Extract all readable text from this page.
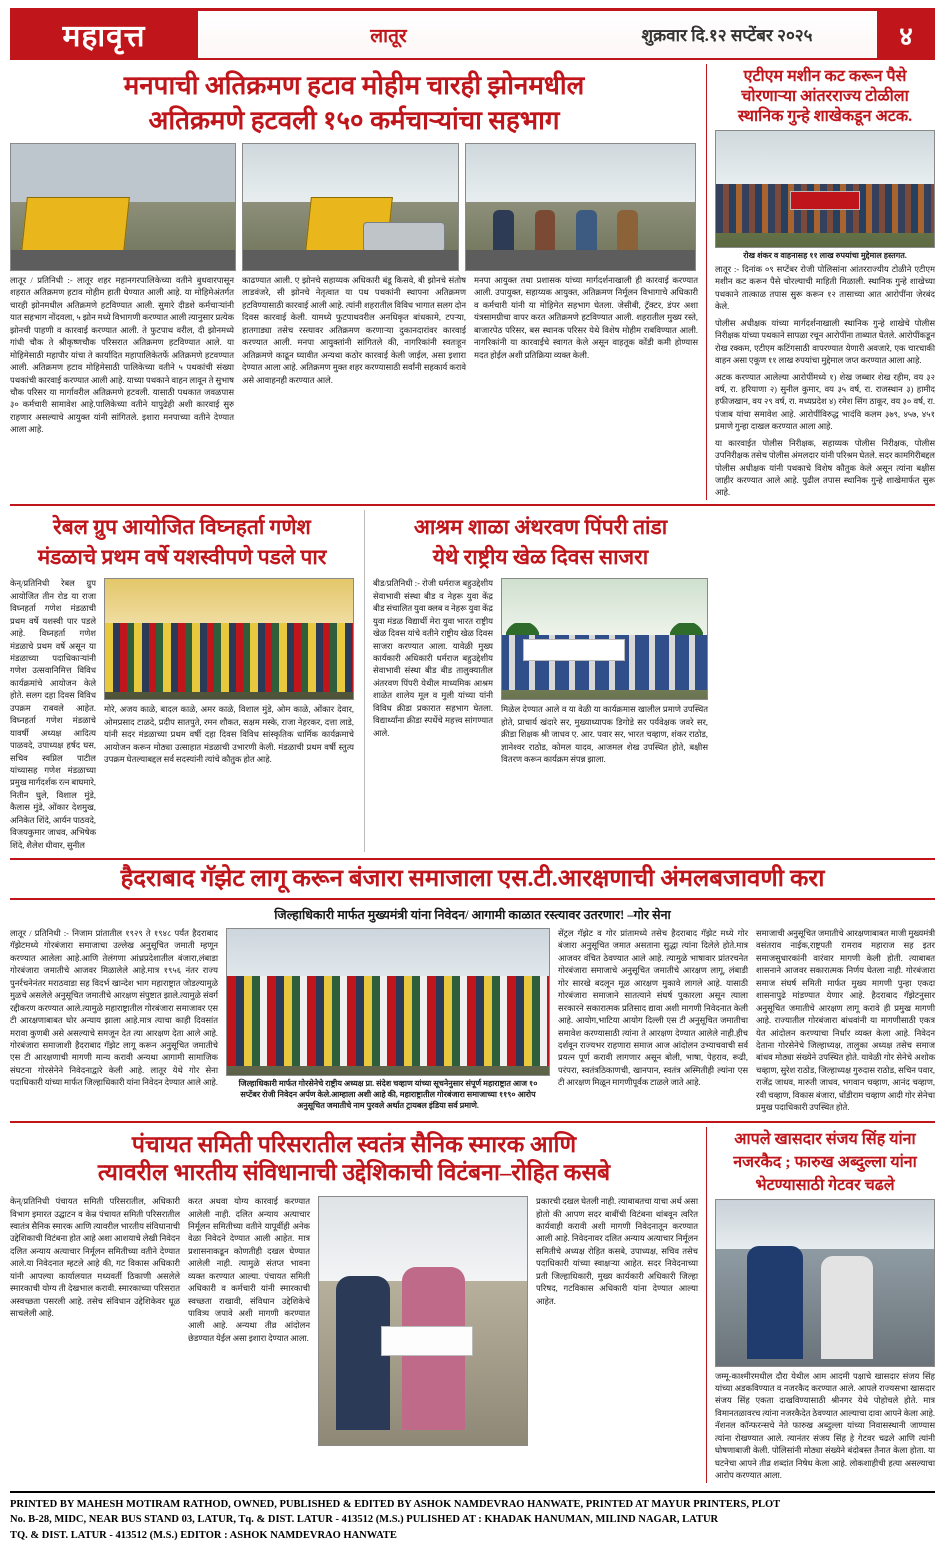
महावृत्त	लातूर	शुक्रवार दि.१२ सप्टेंबर २०२५	४
मनपाची अतिक्रमण हटाव मोहीम चारही झोनमधील
अतिक्रमणे हटवली १५० कर्मचाऱ्यांचा सहभाग
लातूर / प्रतिनिधी :- लातूर शहर महानगरपालिकेच्या वतीने बुधवारपासून शहरात अतिक्रमण हटाव मोहीम हाती घेण्यात आली आहे. या मोहिमेअंतर्गत चारही झोनमधील अतिक्रमणे हटविण्यात आली. सुमारे दीडशे कर्मचाऱ्यांनी यात सहभाग नोंदवला, ५ झोन मध्ये विभागणी करण्यात आली त्यानुसार प्रत्येक झोनची पाहणी व कारवाई करण्यात आली. ते फुटपाथ वरील, दी झोनमध्ये गांधी चौक ते श्रीकृष्णचौक परिसरात अतिक्रमण हटविण्यात आले. या मोहिमेसाठी महापौर यांचा ते कार्यादित महापालिकेतर्फे अतिक्रमणे हटवण्यात आली. अतिक्रमण हटाव मोहिमेसाठी पालिकेच्या वतीने ५ पथकांची संख्या पथकांची कारवाई करण्यात आली आहे. याच्या पथकाने वाहन लावून ते सुभाष चौक परिसर या मार्गावरील अतिक्रमणे हटवली. यासाठी पथकात जवळपास ३० कर्मचारी सामावेश आहे.पालिकेच्या वतीने यापुढेही अशी कारवाई सुरु राहणार असल्याचे आयुक्त यांनी सांगितले. इशारा मनपाच्या वतीने देण्यात आला आहे.
काढण्यात आली. ए झोनचे सहाय्यक अधिकारी बंडू किसवे, बी झोनचे संतोष लाडवंजरे, सी झोनचे नेतृत्वात या पथ पथकांनी स्थापना अतिक्रमण हटविण्यासाठी कारवाई आली आहे. त्यांनी शहरातील विविध भागात सलग दोन दिवस कारवाई केली. यामध्ये फुटपाथवरील अनधिकृत बांधकामे, टपऱ्या, हातगाड्या तसेच रस्त्यावर अतिक्रमण करणाऱ्या दुकानदारांवर कारवाई करण्यात आली. मनपा आयुक्तांनी सांगितले की, नागरिकांनी स्वतःहून अतिक्रमणे काढून घ्यावीत अन्यथा कठोर कारवाई केली जाईल, असा इशारा देण्यात आला आहे. अतिक्रमण मुक्त शहर करण्यासाठी सर्वांनी सहकार्य करावे असे आवाहनही करण्यात आले.
मनपा आयुक्त तथा प्रशासक यांच्या मार्गदर्शनाखाली ही कारवाई करण्यात आली. उपायुक्त, सहाय्यक आयुक्त, अतिक्रमण निर्मूलन विभागाचे अधिकारी व कर्मचारी यांनी या मोहिमेत सहभाग घेतला. जेसीबी, ट्रॅक्टर, डंपर अशा यंत्रसामग्रीचा वापर करत अतिक्रमणे हटविण्यात आली. शहरातील मुख्य रस्ते, बाजारपेठ परिसर, बस स्थानक परिसर येथे विशेष मोहीम राबविण्यात आली. नागरिकांनी या कारवाईचे स्वागत केले असून वाहतूक कोंडी कमी होण्यास मदत होईल अशी प्रतिक्रिया व्यक्त केली.
एटीएम मशीन कट करून पैसे चोरणाऱ्या आंतरराज्य टोळीला स्थानिक गुन्हे शाखेकडून अटक.
रोख शंकर व वाहनासह ११ लाख रुपयांचा मुद्देमाल हस्तगत.
लातूर :- दिनांक ०९ सप्टेंबर रोजी पोलिसांना आंतरराज्यीय टोळीने एटीएम मशीन कट करून पैसे चोरल्याची माहिती मिळाली. स्थानिक गुन्हे शाखेच्या पथकाने तात्काळ तपास सुरू करून १२ तासाच्या आत आरोपींना जेरबंद केले.
पोलीस अधीक्षक यांच्या मार्गदर्शनाखाली स्थानिक गुन्हे शाखेचे पोलीस निरीक्षक यांच्या पथकाने सापळा रचून आरोपींना ताब्यात घेतले. आरोपींकडून रोख रक्कम, एटीएम कटिंगसाठी वापरण्यात येणारी अवजारे, एक चारचाकी वाहन असा एकूण ११ लाख रुपयांचा मुद्देमाल जप्त करण्यात आला आहे.
अटक करण्यात आलेल्या आरोपींमध्ये १) शेख जब्बार शेख रहीम, वय ३२ वर्ष, रा. हरियाणा २) सुनील कुमार, वय ३५ वर्ष, रा. राजस्थान ३) हामीद हफीजखान, वय २९ वर्ष, रा. मध्यप्रदेश ४) रमेश सिंग ठाकूर, वय ३० वर्ष, रा. पंजाब यांचा समावेश आहे. आरोपींविरुद्ध भादंवि कलम ३७९, ४५७, ४५१ प्रमाणे गुन्हा दाखल करण्यात आला आहे.
या कारवाईत पोलीस निरीक्षक, सहाय्यक पोलीस निरीक्षक, पोलीस उपनिरीक्षक तसेच पोलीस अंमलदार यांनी परिश्रम घेतले. सदर कामगिरीबद्दल पोलीस अधीक्षक यांनी पथकाचे विशेष कौतुक केले असून त्यांना बक्षीस जाहीर करण्यात आले आहे. पुढील तपास स्थानिक गुन्हे शाखेमार्फत सुरू आहे.
रेबल ग्रुप आयोजित विघ्नहर्ता गणेश
मंडळाचे प्रथम वर्षे यशस्वीपणे पडले पार
केन्/प्रतिनिधी रेबल ग्रुप आयोजित तीन रोड या राजा विघ्नहर्ता गणेश मंडळाची प्रथम वर्षे यशस्वी पार पडले आहे. विघ्नहर्ता गणेश मंडळाचे प्रथम वर्षे असून या मंडळाच्या पदाधिकाऱ्यांनी गणेश उत्सवानिमित्त विविध कार्यक्रमांचे आयोजन केले होते. सलग दहा दिवस विविध उपक्रम राबवले आहेत. विघ्नहर्ता गणेश मंडळाचे यावर्षी अध्यक्ष आदित्य पाळवदे, उपाध्यक्ष हर्षद घस, सचिव स्वप्निल पाटील यांच्यासह गणेश मंडळाच्या प्रमुख मार्गदर्शक रत्न बाघमारे, नितीन घुले, विशाल मुंडे, कैलास मुंडे, ओंकार देशमुख, अनिकेत शिंदे, आर्यन पाठवदे, विजयकुमार जाधव, अभिषेक शिंदे, शैलेश धीवार, सुनील
मोरे, अजय काळे, बादल काळे, अमर काळे, विशाल मुंडे, ओम काळे, ओंकार देवार, ओमप्रसाद टाळदे, प्रदीप सातपुते, रमन शौकत, सक्षम मस्के, राजा नेहरकर, दत्ता लाडे, यांनी सदर मंडळाच्या प्रथम वर्षी दहा दिवस विविध सांस्कृतिक धार्मिक कार्यक्रमाचे आयोजन करून मोठ्या उत्साहात मंडळाची उभारणी केली. मंडळाची प्रथम वर्षी स्तुत्य उपक्रम घेतल्याबद्दल सर्व सदस्यांनी त्यांचे कौतुक होत आहे.
आश्रम शाळा अंथरवण पिंपरी तांडा
येथे राष्ट्रीय खेळ दिवस साजरा
बीड/प्रतिनिधी :- रोजी धर्मराज बहुउद्देशीय सेवाभावी संस्था बीड व नेहरू युवा केंद्र बीड संचालित युवा क्लब व नेहरू युवा केंद्र युवा मंडळ विद्यार्थी मेरा युवा भारत राष्ट्रीय खेळ दिवस यांचे वतीने राष्ट्रीय खेळ दिवस साजरा करण्यात आला. यावेळी मुख्य कार्यकारी अधिकारी धर्मराज बहुउद्देशीय सेवाभावी संस्था बीड बीड तालुक्यातील अंतरवण पिंपरी येथील माध्यमिक आश्रम शाळेत शालेय मूल व मुली यांच्या यांनी विविध क्रीडा प्रकारात सहभाग घेतला. विद्यार्थ्यांना क्रीडा स्पर्धेचे महत्त्व सांगण्यात आले.
मिळेल देण्यात आले व या वेळी या कार्यक्रमास खालील प्रमाणे उपस्थित होते, प्राचार्य खंदारे सर, मुख्याध्यापक डिगोडे सर पर्यवेक्षक जवरे सर, क्रीडा शिक्षक श्री जाधव ए. आर. पवार सर, भारत चव्हाण, शंकर राठोड, ज्ञानेश्वर राठोड, कोमल यादव, आजमल शेख उपस्थित होते, बक्षीस वितरण करून कार्यक्रम संपन्न झाला.
हैदराबाद गॅझेट लागू करून बंजारा समाजाला एस.टी.आरक्षणाची अंमलबजावणी करा
जिल्हाधिकारी मार्फत मुख्यमंत्री यांना निवेदन/ आगामी काळात रस्त्यावर उतरणार! –गोर सेना
लातूर / प्रतिनिधी :- निजाम प्रांतातील १९२९ ते १९४८ पर्यंत हैदराबाद गॅझेटमध्ये गोरबंजारा समाजाचा उल्लेख अनुसूचित जमाती म्हणून करण्यात आलेला आहे.आणि तेलंगणा आंध्रप्रदेशातील बंजारा,लंबाडा गोरबंजारा जमातीचे आजवर मिळालेले आहे.मात्र १९५६ नंतर राज्य पुनर्रचनेनंतर मराठवाडा सह विदर्भ खान्देश भाग महाराष्ट्रात जोडल्यामुळे मुळचे असलेले अनुसूचित जमातीचे आरक्षण संपुष्टात झाले.त्यामुळे संवर्ग रद्दीकरण करण्यात आले.त्यामुळे महाराष्ट्रातील गोरबंजारा समाजावर एस टी आरक्षणाबाबत घोर अन्याय झाला आहे.मात्र त्याचा काही दिवसांत मरावा कुणबी असे असल्याचे समजून देत त्या आरक्षण देता आले आहे. गोरबंजारा समाजाशी हैदराबाद गॅझेट लागू करून अनुसूचित जमातीचे एस टी आरक्षणाची मागणी मान्य करावी अन्यथा आगामी सामाजिक संघटना गोरसेनेने निवेदनाद्वारे केली आहे. लातूर येथे गोर सेना पदाधिकारी यांच्या मार्फत जिल्हाधिकारी यांना निवेदन देण्यात आले आहे.	जिल्हाधिकारी मार्फत गोरसेनेचे राष्ट्रीय अध्यक्ष प्रा. संदेश चव्हाण यांच्या सूचनेनुसार संपूर्ण महाराष्ट्रात आज १० सप्टेंबर रोजी निवेदन अर्पण केले.आम्हाला अशी आहे की, महाराष्ट्रातील गोरबंजारा समाजाच्या ११९० आरोप अनुसूचित जमातीचे नाम पुरवले अर्थात ट्रायबल इंडिया सर्व प्रमाणे.
सेंट्रल गॅझेट व गोर प्रांतामध्ये तसेच हैदराबाद गॅझेट मध्ये गोर बंजारा अनुसूचित जमात असताना सुद्धा त्यांना दिलेले होते.मात्र आजवर वंचित ठेवण्यात आले आहे. त्यामुळे भाषावार प्रांतरचनेत गोरबंजारा समाजाचे अनुसूचित जमातीचे आरक्षण लागू, लंबाडी गोर सारखे बदलून मूळ आरक्षण मुकावे लागले आहे. यासाठी गोरबंजारा समाजाने सातत्याने संघर्ष पुकारला असून त्याला सरकारने सकारात्मक प्रतिसाद द्यावा अशी मागणी निवेदनात केली आहे. आयोग,भाटिया आयोग दिल्ली एस टी अनुसूचित जमातीचा समावेश करण्यासाठी त्यांना ते आरक्षण देण्यात आलेले नाही.हीच दर्शवून राज्यभर राहणारा समाज आज आंदोलन उभ्याचवाची सर्व प्रयत्न पूर्ण करावी लागणार असून बोली, भाषा, पेहराव, रूढी, परंपरा, स्वतंत्रठिकाणची, खानपान, स्वतंत्र अस्मितीही ल्यांना एस टी आरक्षण मिळून मागणीपूर्वक टाळले जाते आहे.
समाजाची अनुसूचित जमातीचे आरक्षणाबाबत माजी मुख्यमंत्री वसंतराव नाईक,राष्ट्रपती रामराव महाराज सह इतर समाजसुधारकांनी वारंवार मागणी केली होती. त्याबाबत शासनाने आजवर सकारात्मक निर्णय घेतला नाही. गोरबंजारा समाज संघर्ष समिती मार्फत मुख्य मागणी पुन्हा एकदा शासनापुढे मांडण्यात येणार आहे. हैदराबाद गॅझेटनुसार अनुसूचित जमातीचे आरक्षण लागू करावे ही प्रमुख मागणी आहे. राज्यातील गोरबंजारा बांधवांनी या मागणीसाठी एकत्र येत आंदोलन करण्याचा निर्धार व्यक्त केला आहे. निवेदन देताना गोरसेनेचे जिल्हाध्यक्ष, तालुका अध्यक्ष तसेच समाज बांधव मोठ्या संख्येने उपस्थित होते. यावेळी गोर सेनेचे अशोक चव्हाण, सुरेश राठोड, जिल्हाध्यक्ष गुरुदास राठोड, सचिन पवार, राजेंद्र जाधव, मारुती जाधव, भगवान चव्हाण, आनंद चव्हाण, रवी चव्हाण, विकास बंजारा, धोंडीराम चव्हाण आदी गोर सेनेचा प्रमुख पदाधिकारी उपस्थित होते.
पंचायत समिती परिसरातील स्वतंत्र सैनिक स्मारक आणि
त्यावरील भारतीय संविधानाची उद्देशिकाची विटंबना–रोहित कसबे
केन्/प्रतिनिधी पंचायत समिती परिसरातील, अधिकारी विभाग इमारत उद्घाटन व केन्र पंचायत समिती परिसरातील स्वातंत्र सैनिक स्मारक आणि त्यावरील भारतीय संविधानाची उद्देशिकाची विटंबना होत आहे अशा आशयाचे लेखी निवेदन दलित अन्याय अत्याचार निर्मूलन समितीच्या वतीने देण्यात आले.या निवेदनात म्हटले आहे की, गट विकास अधिकारी यांनी आपल्या कार्यालयात मध्यवर्ती ठिकाणी असलेले स्मारकाची योग्य ती देखभाल करावी. स्मारकाच्या परिसरात अस्वच्छता पसरली आहे. तसेच संविधान उद्देशिकेवर धूळ साचलेली आहे.
करत अथवा योग्य कारवाई करण्यात आलेली नाही. दलित अन्याय अत्याचार निर्मूलन समितीच्या वतीने यापूर्वीही अनेक वेळा निवेदने देण्यात आली आहेत. मात्र प्रशासनाकडून कोणतीही दखल घेण्यात आलेली नाही. त्यामुळे संतप्त भावना व्यक्त करण्यात आल्या. पंचायत समिती अधिकारी व कर्मचारी यांनी स्मारकाची स्वच्छता राखावी, संविधान उद्देशिकेचे पावित्र्य जपावे अशी मागणी करण्यात आली आहे. अन्यथा तीव्र आंदोलन छेडण्यात येईल असा इशारा देण्यात आला.
प्रकारची दखल घेतली नाही. त्याबाबतचा याचा अर्थ असा होतो की आपण सदर बाबींची विटंबना थांबवून त्वरित कार्यवाही करावी अशी मागणी निवेदनातून करण्यात आली आहे. निवेदनावर दलित अन्याय अत्याचार निर्मूलन समितीचे अध्यक्ष रोहित कसबे, उपाध्यक्ष, सचिव तसेच पदाधिकारी यांच्या स्वाक्षऱ्या आहेत. सदर निवेदनाच्या प्रती जिल्हाधिकारी, मुख्य कार्यकारी अधिकारी जिल्हा परिषद, गटविकास अधिकारी यांना देण्यात आल्या आहेत.
आपले खासदार संजय सिंह यांना
नजरकैद ; फारुख अब्दुल्ला यांना
भेटण्यासाठी गेटवर चढले
जम्मू-काश्मीरमधील दौरा येथील आम आदमी पक्षाचे खासदार संजय सिंह यांच्या अडकविण्यात व नजरकैद करण्यात आले. आपले राज्यसभा खासदार संजय सिंह एकता दाखविण्यासाठी श्रीनगर येथे पोहोचले होते. मात्र विमानतळावरच त्यांना नजरकैदेत ठेवण्यात आल्याचा दावा आपने केला आहे. नॅशनल कॉन्फरन्सचे नेते फारुख अब्दुल्ला यांच्या निवासस्थानी जाण्यास त्यांना रोखण्यात आले. त्यानंतर संजय सिंह हे गेटवर चढले आणि त्यांनी घोषणाबाजी केली. पोलिसांनी मोठ्या संख्येने बंदोबस्त तैनात केला होता. या घटनेचा आपने तीव्र शब्दांत निषेध केला आहे. लोकशाहीची हत्या असल्याचा आरोप करण्यात आला.
PRINTED BY MAHESH MOTIRAM RATHOD, OWNED, PUBLISHED & EDITED BY ASHOK NAMDEVRAO HANWATE, PRINTED AT MAYUR PRINTERS, PLOT
No. B-28, MIDC, NEAR BUS STAND 03, LATUR, Tq. & DIST. LATUR - 413512 (M.S.) PULISHED AT : KHADAK HANUMAN, MILIND NAGAR, LATUR
TQ. & DIST. LATUR - 413512 (M.S.) EDITOR : ASHOK NAMDEVRAO HANWATE
